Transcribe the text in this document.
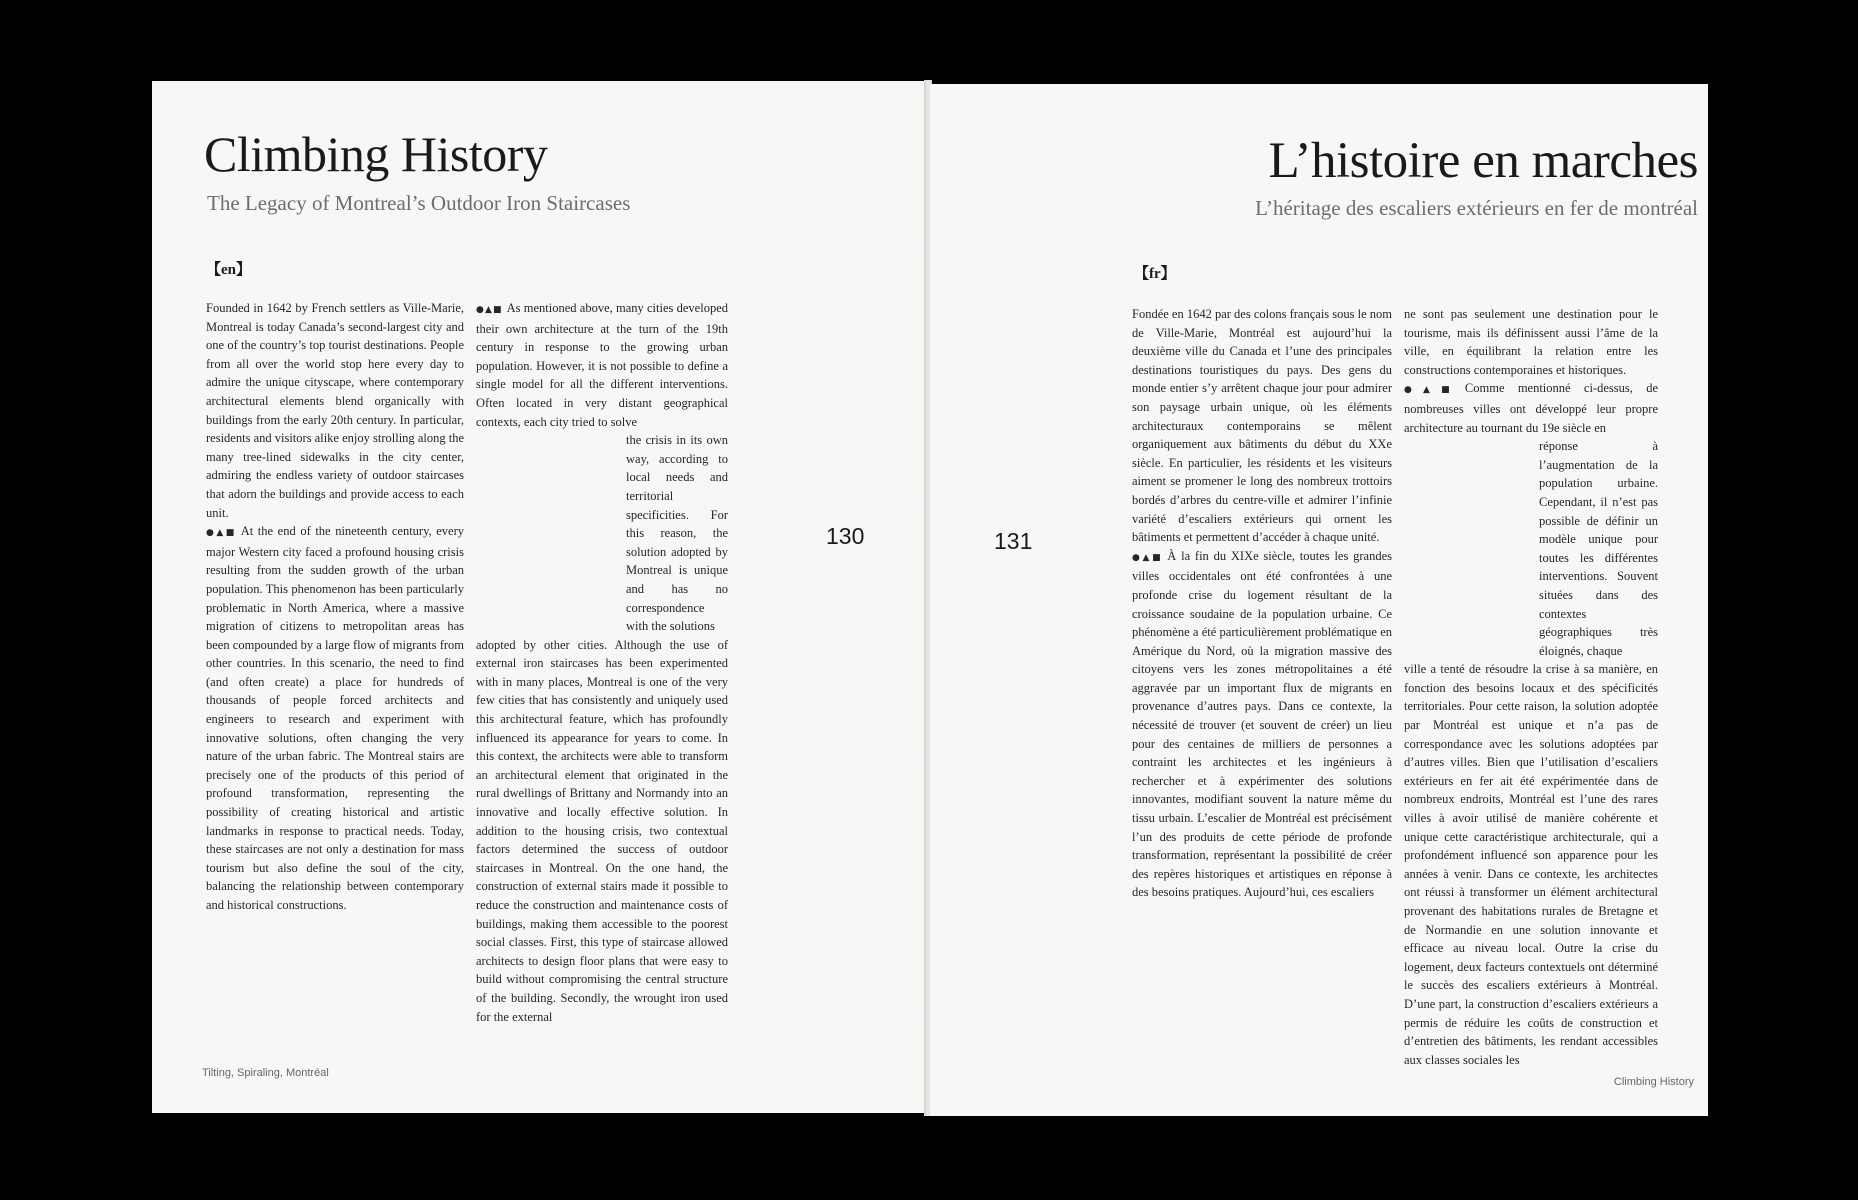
Climbing History
The Legacy of Montreal’s Outdoor Iron Staircases
【en】

Founded in 1642 by French settlers as Ville-Marie, Montreal is today Canada’s second-largest city and one of the country’s top tourist destinations. People from all over the world stop here every day to admire the unique cityscape, where contemporary architectural elements blend organically with buildings from the early 20th century. In particular, residents and visitors alike enjoy strolling along the many tree-lined sidewalks in the city center, admiring the endless variety of outdoor staircases that adorn the buildings and provide access to each unit.

●▲■ At the end of the nineteenth century, every major Western city faced a profound housing crisis resulting from the sudden growth of the urban population. This phenomenon has been particularly problematic in North America, where a massive migration of citizens to metropolitan areas has been compounded by a large flow of migrants from other countries. In this scenario, the need to find (and often create) a place for hundreds of thousands of people forced architects and engineers to research and experiment with innovative solutions, often changing the very nature of the urban fabric. The Montreal stairs are precisely one of the products of this period of profound transformation, representing the possibility of creating historical and artistic landmarks in response to practical needs. Today, these staircases are not only a destination for mass tourism but also define the soul of the city, balancing the relationship between contemporary and historical constructions.

●▲■ As mentioned above, many cities developed their own architecture at the turn of the 19th century in response to the growing urban population. However, it is not possible to define a single model for all the different interventions. Often located in very distant geographical contexts, each city tried to solve

the crisis in its own way, according to local needs and territorial specificities. For this reason, the solution adopted by Montreal is unique and has no correspondence with the solutions

adopted by other cities. Although the use of external iron staircases has been experimented with in many places, Montreal is one of the very few cities that has consistently and uniquely used this architectural feature, which has profoundly influenced its appearance for years to come. In this context, the architects were able to transform an architectural element that originated in the rural dwellings of Brittany and Normandy into an innovative and locally effective solution. In addition to the housing crisis, two contextual factors determined the success of outdoor staircases in Montreal. On the one hand, the construction of external stairs made it possible to reduce the construction and maintenance costs of buildings, making them accessible to the poorest social classes. First, this type of staircase allowed architects to design floor plans that were easy to build without compromising the central structure of the building. Secondly, the wrought iron used for the external

130
Tilting, Spiraling, Montréal
L’histoire en marches
L’héritage des escaliers extérieurs en fer de montréal
【fr】
131

Fondée en 1642 par des colons français sous le nom de Ville-Marie, Montréal est aujourd’hui la deuxième ville du Canada et l’une des principales destinations touristiques du pays. Des gens du monde entier s’y arrêtent chaque jour pour admirer son paysage urbain unique, où les éléments architecturaux contemporains se mêlent organiquement aux bâtiments du début du XXe siècle. En particulier, les résidents et les visiteurs aiment se promener le long des nombreux trottoirs bordés d’arbres du centre-ville et admirer l’infinie variété d’escaliers extérieurs qui ornent les bâtiments et permettent d’accéder à chaque unité.

●▲■ À la fin du XIXe siècle, toutes les grandes villes occidentales ont été confrontées à une profonde crise du logement résultant de la croissance soudaine de la population urbaine. Ce phénomène a été particulièrement problématique en Amérique du Nord, où la migration massive des citoyens vers les zones métropolitaines a été aggravée par un important flux de migrants en provenance d’autres pays. Dans ce contexte, la nécessité de trouver (et souvent de créer) un lieu pour des centaines de milliers de personnes a contraint les architectes et les ingénieurs à rechercher et à expérimenter des solutions innovantes, modifiant souvent la nature même du tissu urbain. L’escalier de Montréal est précisément l’un des produits de cette période de profonde transformation, représentant la possibilité de créer des repères historiques et artistiques en réponse à des besoins pratiques. Aujourd’hui, ces escaliers

ne sont pas seulement une destination pour le tourisme, mais ils définissent aussi l’âme de la ville, en équilibrant la relation entre les constructions contemporaines et historiques.

●▲■ Comme mentionné ci-dessus, de nombreuses villes ont développé leur propre architecture au tournant du 19e siècle en

réponse à l’augmentation de la population urbaine. Cependant, il n’est pas possible de définir un modèle unique pour toutes les différentes interventions. Souvent situées dans des contextes géographiques très éloignés, chaque

ville a tenté de résoudre la crise à sa manière, en fonction des besoins locaux et des spécificités territoriales. Pour cette raison, la solution adoptée par Montréal est unique et n’a pas de correspondance avec les solutions adoptées par d’autres villes. Bien que l’utilisation d’escaliers extérieurs en fer ait été expérimentée dans de nombreux endroits, Montréal est l’une des rares villes à avoir utilisé de manière cohérente et unique cette caractéristique architecturale, qui a profondément influencé son apparence pour les années à venir. Dans ce contexte, les architectes ont réussi à transformer un élément architectural provenant des habitations rurales de Bretagne et de Normandie en une solution innovante et efficace au niveau local. Outre la crise du logement, deux facteurs contextuels ont déterminé le succès des escaliers extérieurs à Montréal. D’une part, la construction d’escaliers extérieurs a permis de réduire les coûts de construction et d’entretien des bâtiments, les rendant accessibles aux classes sociales les

Climbing History
